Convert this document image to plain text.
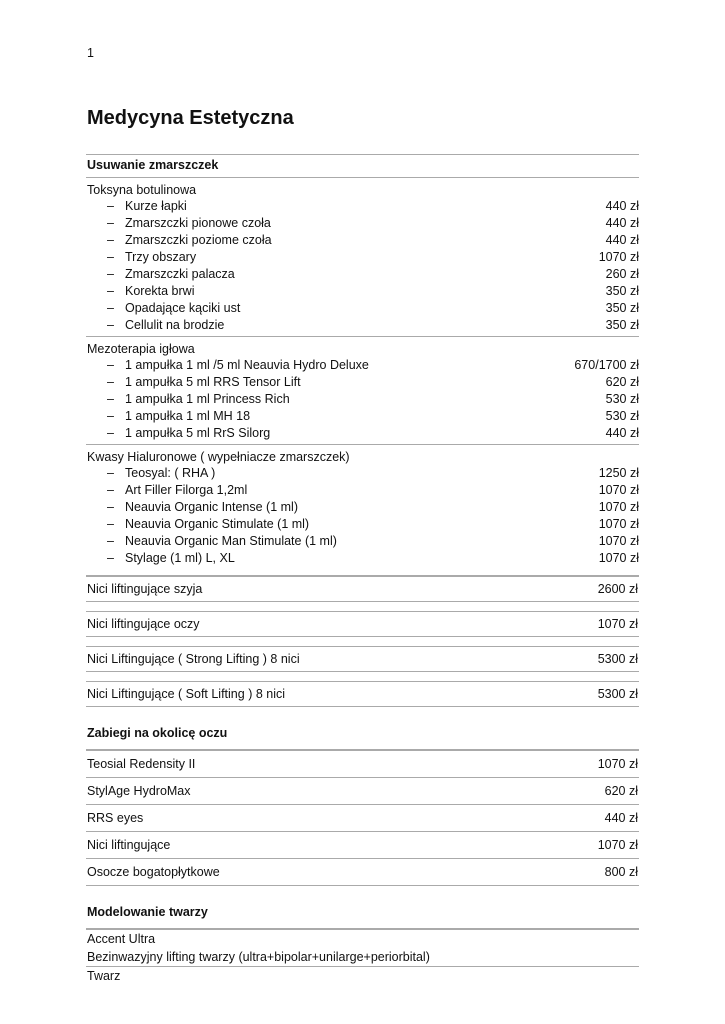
1
Medycyna Estetyczna
Usuwanie zmarszczek
Toksyna botulinowa
– Kurze łapki	440 zł
– Zmarszczki pionowe czoła	440 zł
– Zmarszczki poziome czoła	440 zł
– Trzy obszary	1070 zł
– Zmarszczki palacza	260 zł
– Korekta brwi	350 zł
– Opadające kąciki ust	350 zł
– Cellulit na brodzie	350 zł
Mezoterapia igłowa
– 1 ampułka 1 ml /5 ml Neauvia Hydro Deluxe	670/1700 zł
– 1 ampułka 5 ml RRS Tensor Lift	620 zł
– 1 ampułka 1 ml Princess Rich	530 zł
– 1 ampułka 1 ml MH 18	530 zł
– 1 ampułka 5 ml RrS Silorg	440 zł
Kwasy Hialuronowe ( wypełniacze zmarszczek)
– Teosyal: ( RHA )	1250 zł
– Art Filler Filorga 1,2ml	1070 zł
– Neauvia Organic Intense (1 ml)	1070 zł
– Neauvia Organic Stimulate (1 ml)	1070 zł
– Neauvia Organic Man Stimulate (1 ml)	1070 zł
– Stylage (1 ml) L, XL	1070 zł
Nici liftingujące szyja	2600 zł
Nici liftingujące oczy	1070 zł
Nici Liftingujące ( Strong Lifting ) 8 nici	5300 zł
Nici Liftingujące ( Soft Lifting ) 8 nici	5300 zł
Zabiegi na okolicę oczu
Teosial Redensity II	1070 zł
StylAge HydroMax	620 zł
RRS eyes	440 zł
Nici liftingujące	1070 zł
Osocze bogatopłytkowe	800 zł
Modelowanie twarzy
Accent Ultra
Bezinwazyjny lifting twarzy (ultra+bipolar+unilarge+periorbital)
Twarz
